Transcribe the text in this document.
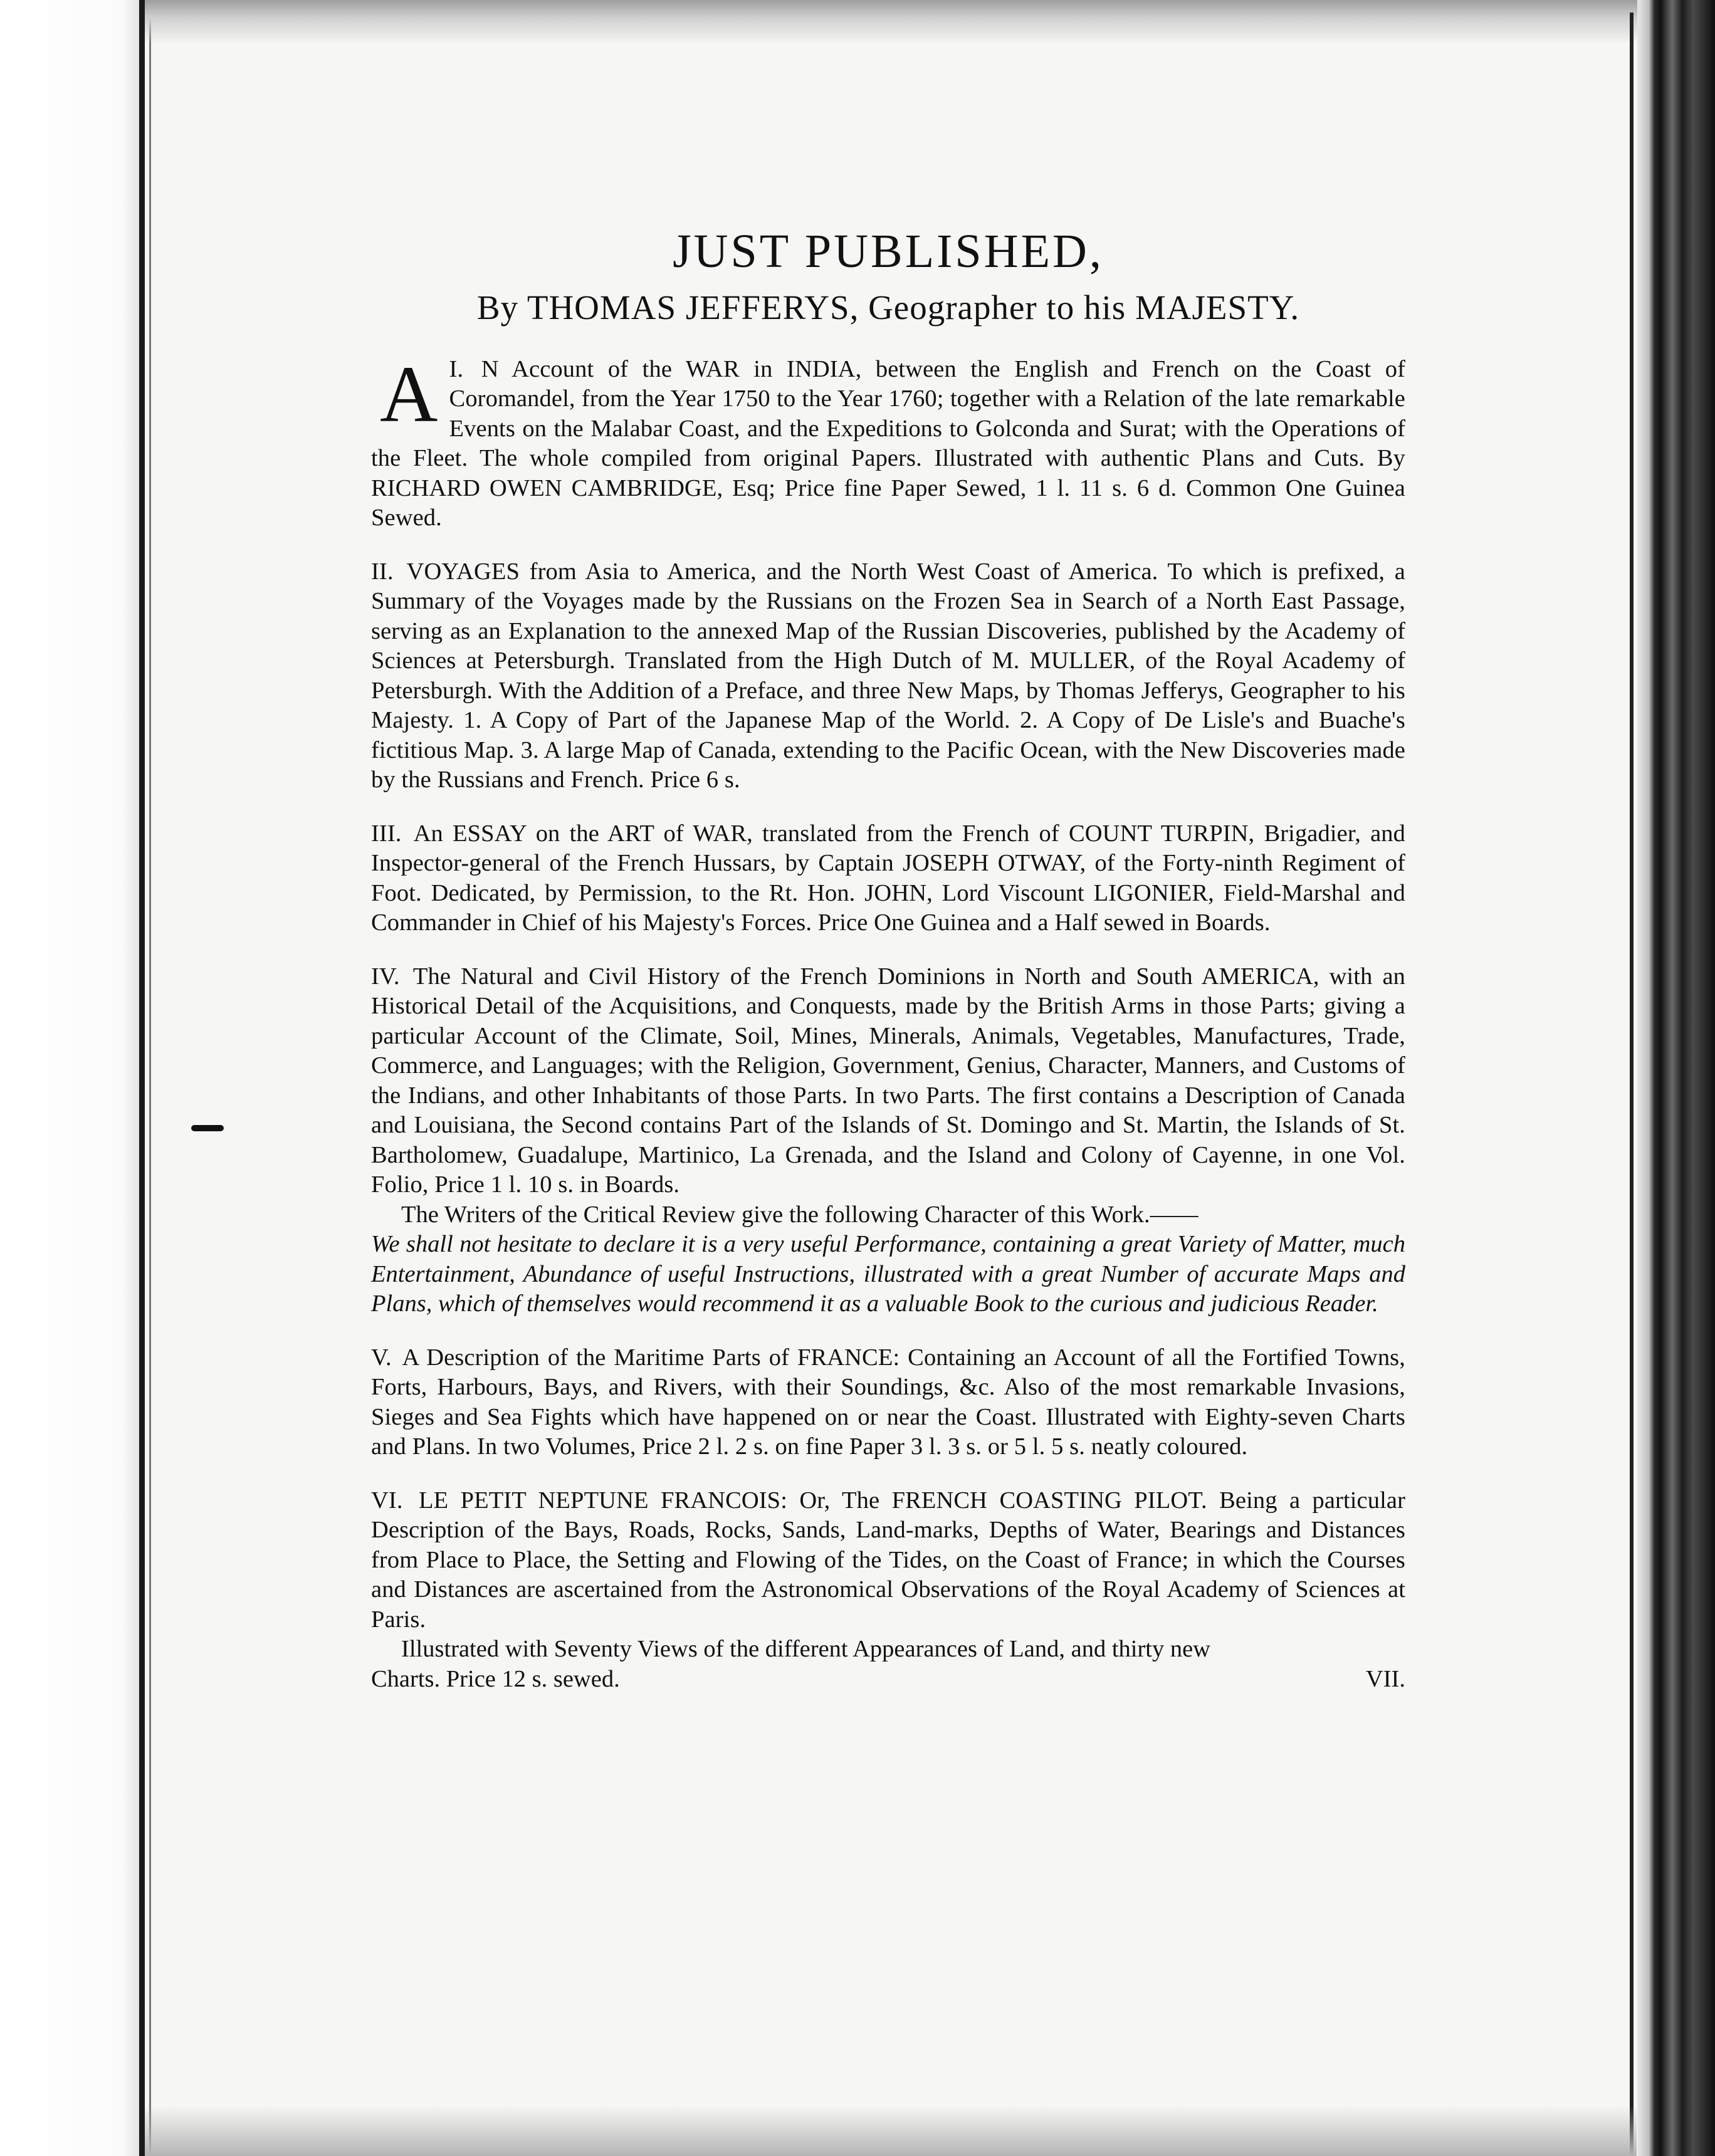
JUST PUBLISHED,
By THOMAS JEFFERYS, Geographer to his MAJESTY.

I.
A N Account of the WAR in INDIA, between the English and French on the Coast of Coromandel, from the Year 1750 to the Year 1760; together with a Relation of the late remarkable Events on the Malabar Coast, and the Expeditions to Golconda and Surat; with the Operations of the Fleet. The whole compiled from original Papers. Illustrated with authentic Plans and Cuts. By RICHARD OWEN CAMBRIDGE, Esq; Price fine Paper Sewed, 1 l. 11 s. 6 d. Common One Guinea Sewed.

II. VOYAGES from Asia to America, and the North West Coast of America. To which is prefixed, a Summary of the Voyages made by the Russians on the Frozen Sea in Search of a North East Passage, serving as an Explanation to the annexed Map of the Russian Discoveries, published by the Academy of Sciences at Petersburgh. Translated from the High Dutch of M. MULLER, of the Royal Academy of Petersburgh. With the Addition of a Preface, and three New Maps, by Thomas Jefferys, Geographer to his Majesty. 1. A Copy of Part of the Japanese Map of the World. 2. A Copy of De Lisle's and Buache's fictitious Map. 3. A large Map of Canada, extending to the Pacific Ocean, with the New Discoveries made by the Russians and French. Price 6 s.

III. An ESSAY on the ART of WAR, translated from the French of COUNT TURPIN, Brigadier, and Inspector-general of the French Hussars, by Captain JOSEPH OTWAY, of the Forty-ninth Regiment of Foot. Dedicated, by Permission, to the Rt. Hon. JOHN, Lord Viscount LIGONIER, Field-Marshal and Commander in Chief of his Majesty's Forces. Price One Guinea and a Half sewed in Boards.

IV. The Natural and Civil History of the French Dominions in North and South AMERICA, with an Historical Detail of the Acquisitions, and Conquests, made by the British Arms in those Parts; giving a particular Account of the Climate, Soil, Mines, Minerals, Animals, Vegetables, Manufactures, Trade, Commerce, and Languages; with the Religion, Government, Genius, Character, Manners, and Customs of the Indians, and other Inhabitants of those Parts. In two Parts. The first contains a Description of Canada and Louisiana, the Second contains Part of the Islands of St. Domingo and St. Martin, the Islands of St. Bartholomew, Guadalupe, Martinico, La Grenada, and the Island and Colony of Cayenne, in one Vol. Folio, Price 1 l. 10 s. in Boards.

The Writers of the Critical Review give the following Character of this Work.——

We shall not hesitate to declare it is a very useful Performance, containing a great Variety of Matter, much Entertainment, Abundance of useful Instructions, illustrated with a great Number of accurate Maps and Plans, which of themselves would recommend it as a valuable Book to the curious and judicious Reader.

V. A Description of the Maritime Parts of FRANCE: Containing an Account of all the Fortified Towns, Forts, Harbours, Bays, and Rivers, with their Soundings, &c. Also of the most remarkable Invasions, Sieges and Sea Fights which have happened on or near the Coast. Illustrated with Eighty-seven Charts and Plans. In two Volumes, Price 2 l. 2 s. on fine Paper 3 l. 3 s. or 5 l. 5 s. neatly coloured.

VI. LE PETIT NEPTUNE FRANCOIS: Or, The FRENCH COASTING PILOT. Being a particular Description of the Bays, Roads, Rocks, Sands, Land-marks, Depths of Water, Bearings and Distances from Place to Place, the Setting and Flowing of the Tides, on the Coast of France; in which the Courses and Distances are ascertained from the Astronomical Observations of the Royal Academy of Sciences at Paris.

Illustrated with Seventy Views of the different Appearances of Land, and thirty new

Charts. Price 12 s. sewed.	VII.
